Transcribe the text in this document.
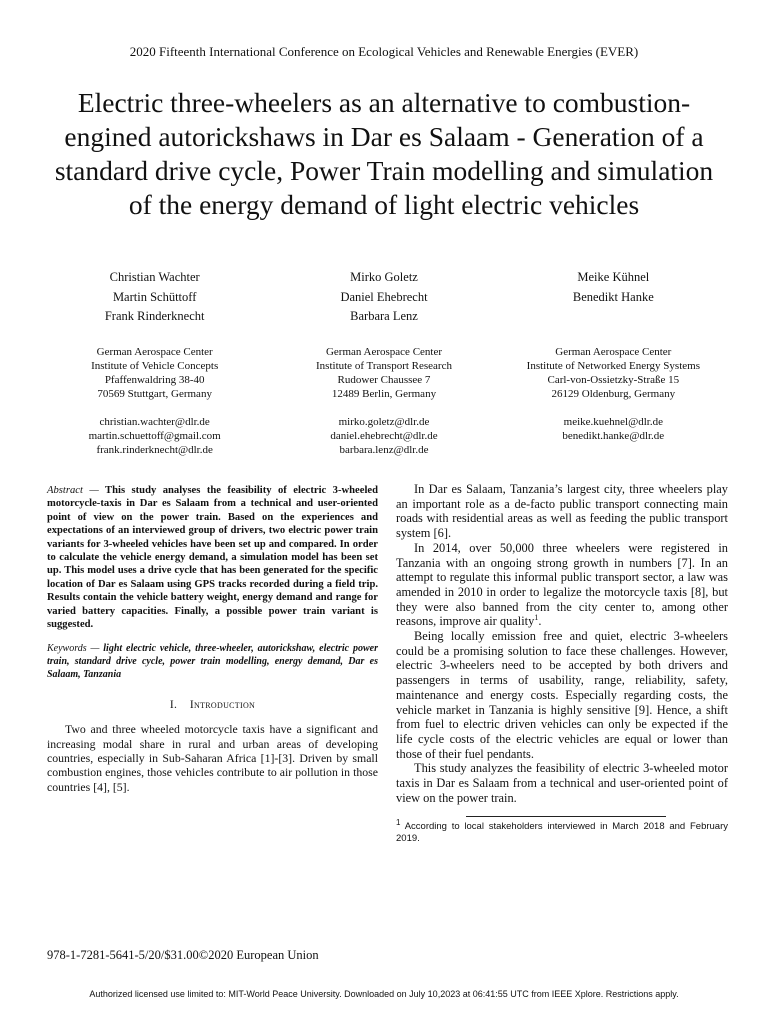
2020 Fifteenth International Conference on Ecological Vehicles and Renewable Energies (EVER)
Electric three-wheelers as an alternative to combustion-engined autorickshaws in Dar es Salaam - Generation of a standard drive cycle, Power Train modelling and simulation of the energy demand of light electric vehicles
Christian Wachter
Martin Schüttoff
Frank Rinderknecht
Mirko Goletz
Daniel Ehebrecht
Barbara Lenz
Meike Kühnel
Benedikt Hanke
German Aerospace Center
Institute of Vehicle Concepts
Pfaffenwaldring 38-40
70569 Stuttgart, Germany
christian.wachter@dlr.de
martin.schuettoff@gmail.com
frank.rinderknecht@dlr.de
German Aerospace Center
Institute of Transport Research
Rudower Chaussee 7
12489 Berlin, Germany
mirko.goletz@dlr.de
daniel.ehebrecht@dlr.de
barbara.lenz@dlr.de
German Aerospace Center
Institute of Networked Energy Systems
Carl-von-Ossietzky-Straße 15
26129 Oldenburg, Germany
meike.kuehnel@dlr.de
benedikt.hanke@dlr.de

Abstract — This study analyses the feasibility of electric 3-wheeled motorcycle-taxis in Dar es Salaam from a technical and user-oriented point of view on the power train. Based on the experiences and expectations of an interviewed group of drivers, two electric power train variants for 3-wheeled vehicles have been set up and compared. In order to calculate the vehicle energy demand, a simulation model has been set up. This model uses a drive cycle that has been generated for the specific location of Dar es Salaam using GPS tracks recorded during a field trip. Results contain the vehicle battery weight, energy demand and range for varied battery capacities. Finally, a possible power train variant is suggested.

Keywords — light electric vehicle, three-wheeler, autorickshaw, electric power train, standard drive cycle, power train modelling, energy demand, Dar es Salaam, Tanzania

I. Introduction

Two and three wheeled motorcycle taxis have a significant and increasing modal share in rural and urban areas of developing countries, especially in Sub-Saharan Africa [1]-[3]. Driven by small combustion engines, those vehicles contribute to air pollution in those countries [4], [5].

In Dar es Salaam, Tanzania’s largest city, three wheelers play an important role as a de-facto public transport connecting main roads with residential areas as well as feeding the public transport system [6].

In 2014, over 50,000 three wheelers were registered in Tanzania with an ongoing strong growth in numbers [7]. In an attempt to regulate this informal public transport sector, a law was amended in 2010 in order to legalize the motorcycle taxis [8], but they were also banned from the city center to, among other reasons, improve air quality$^1$.

Being locally emission free and quiet, electric 3-wheelers could be a promising solution to face these challenges. However, electric 3-wheelers need to be accepted by both drivers and passengers in terms of usability, range, reliability, safety, maintenance and energy costs. Especially regarding costs, the vehicle market in Tanzania is highly sensitive [9]. Hence, a shift from fuel to electric driven vehicles can only be expected if the life cycle costs of the electric vehicles are equal or lower than those of their fuel pendants.

This study analyzes the feasibility of electric 3-wheeled motor taxis in Dar es Salaam from a technical and user-oriented point of view on the power train.

$^1$ According to local stakeholders interviewed in March 2018 and February 2019.

978-1-7281-5641-5/20/$31.00©2020 European Union
Authorized licensed use limited to: MIT-World Peace University. Downloaded on July 10,2023 at 06:41:55 UTC from IEEE Xplore. Restrictions apply.
